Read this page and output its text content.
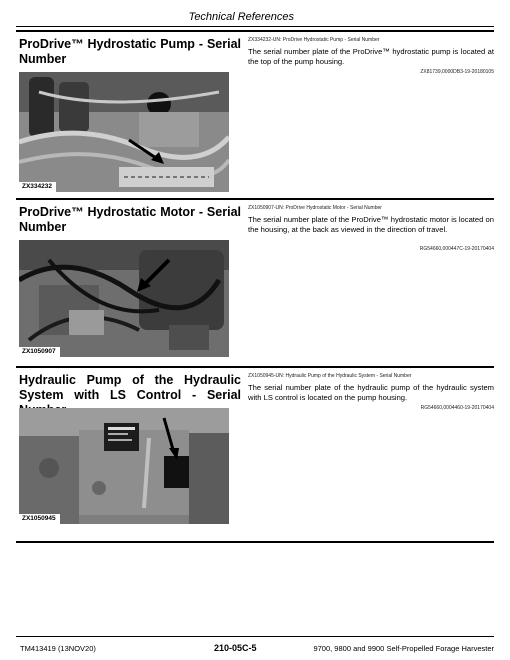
Technical References
ProDrive™ Hydrostatic Pump - Serial Number
ZX334232-UN: ProDrive Hydrostatic Pump - Serial Number
The serial number plate of the ProDrive™ hydrostatic pump is located at the top of the pump housing.
ZX81739,0000DB3-19-20180105
ZX334232
ProDrive™ Hydrostatic Motor - Serial Number
ZX1050907-UN: ProDrive Hydrostatic Motor - Serial Number
The serial number plate of the ProDrive™ hydrostatic motor is located on the housing, at the back as viewed in the direction of travel.
RG54660,000447C-19-20170404
ZX1050907
Hydraulic Pump of the Hydraulic System with LS Control - Serial
ZX1050945-UN: Hydraulic Pump of the Hydraulic System - Serial Number
The serial number plate of the hydraulic pump of the hydraulic system with LS control is located on the pump housing.
RG54660,0004460-19-20170404
ZX1050945
TM413419 (13NOV20)	210-05C-5	9700, 9800 and 9900 Self-Propelled Forage Harvester
